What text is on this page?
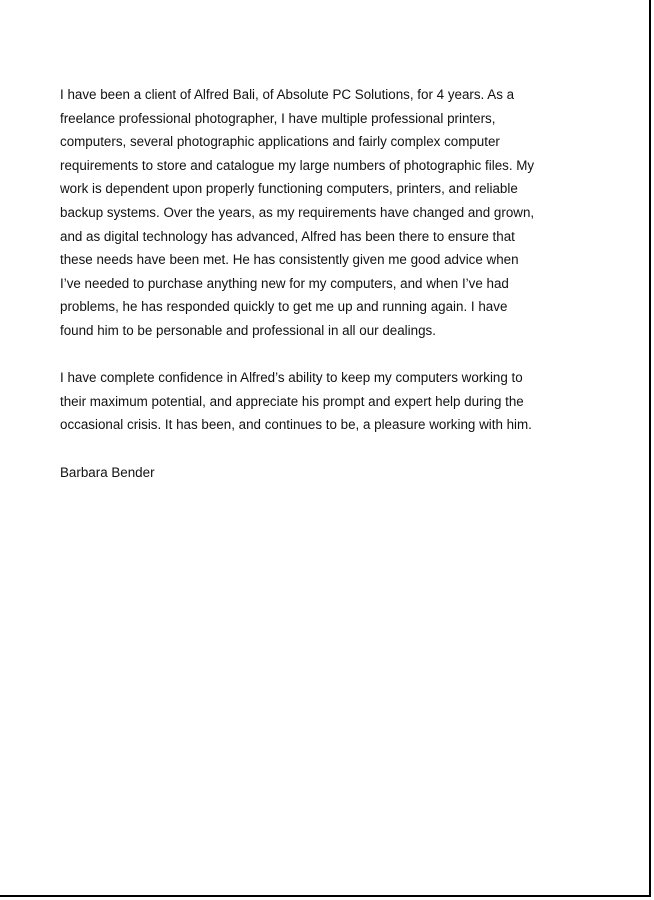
I have been a client of Alfred Bali, of Absolute PC Solutions, for 4 years. As a
freelance professional photographer, I have multiple professional printers,
computers, several photographic applications and fairly complex computer
requirements to store and catalogue my large numbers of photographic files. My
work is dependent upon properly functioning computers, printers, and reliable
backup systems. Over the years, as my requirements have changed and grown,
and as digital technology has advanced, Alfred has been there to ensure that
these needs have been met. He has consistently given me good advice when
I’ve needed to purchase anything new for my computers, and when I’ve had
problems, he has responded quickly to get me up and running again. I have
found him to be personable and professional in all our dealings.

I have complete confidence in Alfred’s ability to keep my computers working to
their maximum potential, and appreciate his prompt and expert help during the
occasional crisis. It has been, and continues to be, a pleasure working with him.

Barbara Bender
